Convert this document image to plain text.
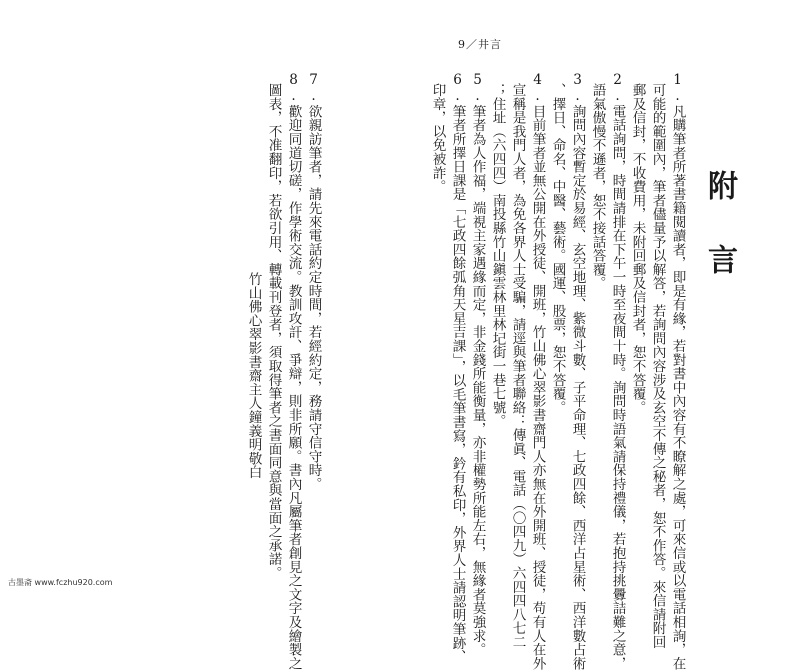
9／井言
附言
1.凡購筆者所著書籍閱讀者，即是有緣，若對書中內容有不瞭解之處，可來信或以電話相詢，在
可能的範圍內，筆者儘量予以解答，若詢問內容涉及玄空不傳之秘者，恕不作答。來信請附回
郵及信封，不收費用，未附回郵及信封者，恕不答覆。
2.電話詢問，時間請排在下午一時至夜間十時。詢問時語氣請保持禮儀，若抱持挑釁詰難之意，
語氣傲慢不遜者，恕不接話答覆。
3.詢問內容暫定於易經、玄空地理、紫微斗數、子平命理、七政四餘、西洋占星術、西洋數占術
、擇日、命名、中醫、藝術。國運、股票，恕不答覆。
4.目前筆者並無公開在外授徒、開班，竹山佛心翠影書齋門人亦無在外開班、授徒，苟有人在外
宣稱是我門人者，為免各界人士受騙，請逕與筆者聯絡：傳眞、電話（〇四九）六四四八七二
；住址（六四四）南投縣竹山鎭雲林里林圮街一巷七號。
5.筆者為人作福，端視主家遇緣而定，非金錢所能衡量，亦非權勢所能左右，無緣者莫強求。
6.筆者所擇日課是「七政四餘弧角天星吉課」，以毛筆書寫，鈐有私印，外界人士請認明筆跡、
印章，以免被詐。
7.欲親訪筆者，請先來電話約定時間，若經約定，務請守信守時。
8.歡迎同道切磋，作學術交流。教訓攻訐、爭辯，則非所願。書內凡屬筆者創見之文字及繪製之
圖表，不准翻印，若欲引用、轉載刊登者，須取得筆者之書面同意與當面之承諾。
竹山佛心翠影書齋主人鐘義明敬白
古墨斋 www.fczhu920.com
